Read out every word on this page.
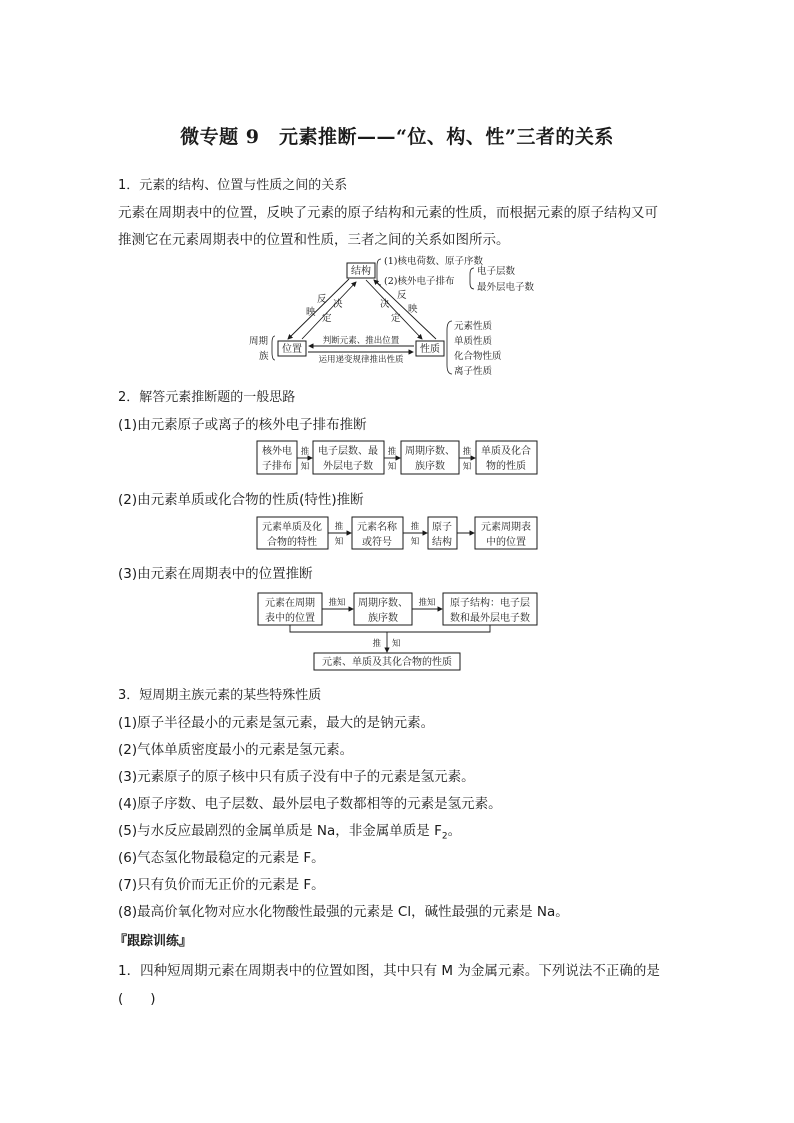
微专题 9　元素推断——“位、构、性”三者的关系
1．元素的结构、位置与性质之间的关系
元素在周期表中的位置，反映了元素的原子结构和元素的性质，而根据元素的原子结构又可
推测它在元素周期表中的位置和性质，三者之间的关系如图所示。
结构
位置	性质
(1)核电荷数、原子序数
(2)核外电子排布
电子层数
最外层电子数
反
映
决
定
决
定
反
映
判断元素、推出位置
运用递变规律推出性质
周期
族
元素性质
单质性质
化合物性质
离子性质
2．解答元素推断题的一般思路
(1)由元素原子或离子的核外电子排布推断
核外电
子排布
推
知
电子层数、最
外层电子数
推
知
周期序数、
族序数
推
知
单质及化合
物的性质
(2)由元素单质或化合物的性质(特性)推断
元素单质及化
合物的特性
推
知
元素名称
或符号
推
知
原子
结构
元素周期表
中的位置
(3)由元素在周期表中的位置推断
元素在周期
表中的位置
推知 周期序数、
族序数
推知 原子结构：电子层
数和最外层电子数
推 知
元素、单质及其化合物的性质
3．短周期主族元素的某些特殊性质
(1)原子半径最小的元素是氢元素，最大的是钠元素。
(2)气体单质密度最小的元素是氢元素。
(3)元素原子的原子核中只有质子没有中子的元素是氢元素。
(4)原子序数、电子层数、最外层电子数都相等的元素是氢元素。
(5)与水反应最剧烈的金属单质是 Na，非金属单质是 $F_2$。
(6)气态氢化物最稳定的元素是 F。
(7)只有负价而无正价的元素是 F。
(8)最高价氧化物对应水化物酸性最强的元素是 Cl，碱性最强的元素是 Na。
『跟踪训练』
1．四种短周期元素在周期表中的位置如图，其中只有 M 为金属元素。下列说法不正确的是
(　　)
